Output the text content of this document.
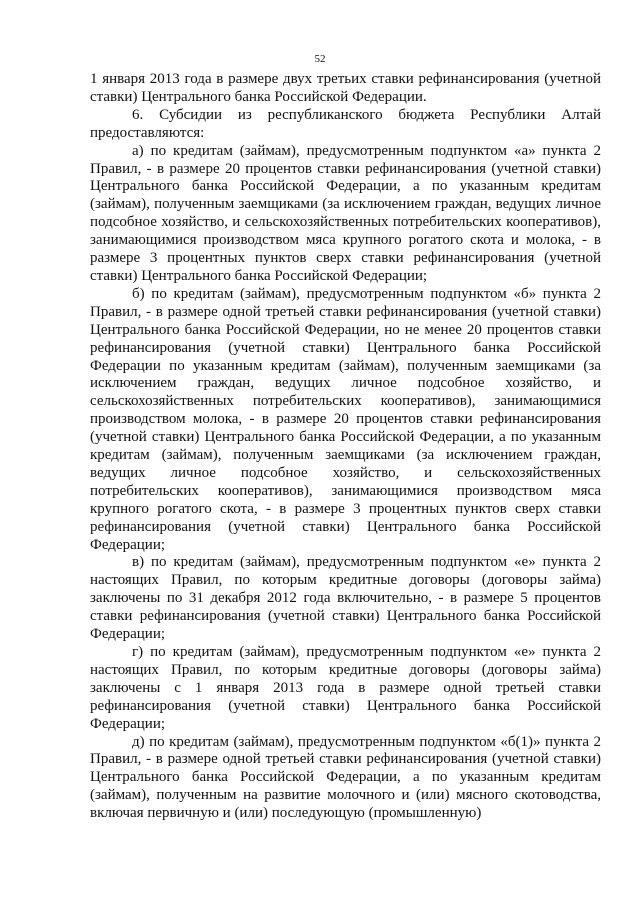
52

1 января 2013 года в размере двух третьих ставки рефинансирования (учетной ставки) Центрального банка Российской Федерации.

6. Субсидии из республиканского бюджета Республики Алтай предоставляются:

а) по кредитам (займам), предусмотренным подпунктом «а» пункта 2 Правил, - в размере 20 процентов ставки рефинансирования (учетной ставки) Центрального банка Российской Федерации, а по указанным кредитам (займам), полученным заемщиками (за исключением граждан, ведущих личное подсобное хозяйство, и сельскохозяйственных потребительских кооперативов), занимающимися производством мяса крупного рогатого скота и молока, - в размере 3 процентных пунктов сверх ставки рефинансирования (учетной ставки) Центрального банка Российской Федерации;

б) по кредитам (займам), предусмотренным подпунктом «б» пункта 2 Правил, - в размере одной третьей ставки рефинансирования (учетной ставки) Центрального банка Российской Федерации, но не менее 20 процентов ставки рефинансирования (учетной ставки) Центрального банка Российской Федерации по указанным кредитам (займам), полученным заемщиками (за исключением граждан, ведущих личное подсобное хозяйство, и сельскохозяйственных потребительских кооперативов), занимающимися производством молока, - в размере 20 процентов ставки рефинансирования (учетной ставки) Центрального банка Российской Федерации, а по указанным кредитам (займам), полученным заемщиками (за исключением граждан, ведущих личное подсобное хозяйство, и сельскохозяйственных потребительских кооперативов), занимающимися производством мяса крупного рогатого скота, - в размере 3 процентных пунктов сверх ставки рефинансирования (учетной ставки) Центрального банка Российской Федерации;

в) по кредитам (займам), предусмотренным подпунктом «е» пункта 2 настоящих Правил, по которым кредитные договоры (договоры займа) заключены по 31 декабря 2012 года включительно, - в размере 5 процентов ставки рефинансирования (учетной ставки) Центрального банка Российской Федерации;

г) по кредитам (займам), предусмотренным подпунктом «е» пункта 2 настоящих Правил, по которым кредитные договоры (договоры займа) заключены с 1 января 2013 года в размере одной третьей ставки рефинансирования (учетной ставки) Центрального банка Российской Федерации;

д) по кредитам (займам), предусмотренным подпунктом «б(1)» пункта 2 Правил, - в размере одной третьей ставки рефинансирования (учетной ставки) Центрального банка Российской Федерации, а по указанным кредитам (займам), полученным на развитие молочного и (или) мясного скотоводства, включая первичную и (или) последующую (промышленную)
